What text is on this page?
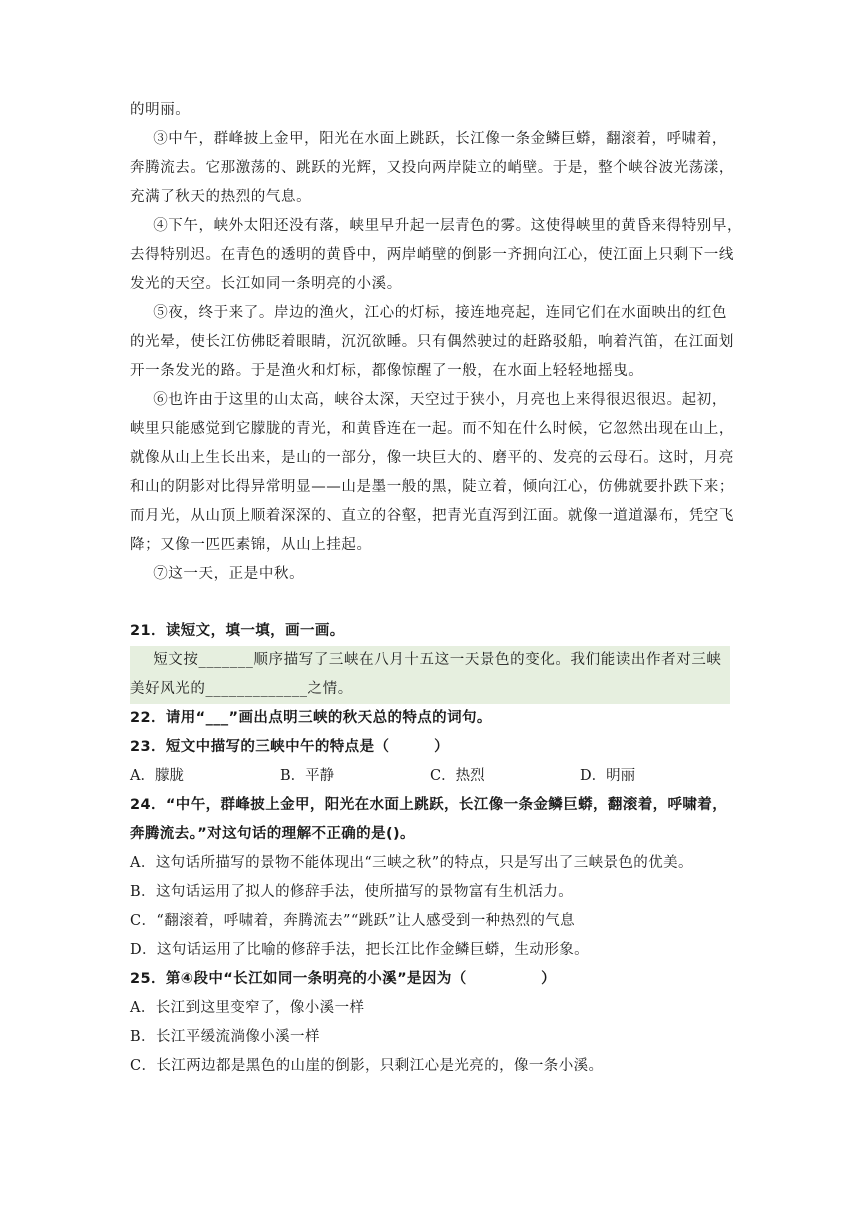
的明丽。
③中午，群峰披上金甲，阳光在水面上跳跃，长江像一条金鳞巨蟒，翻滚着，呼啸着，
奔腾流去。它那激荡的、跳跃的光辉，又投向两岸陡立的峭壁。于是，整个峡谷波光荡漾，
充满了秋天的热烈的气息。
④下午，峡外太阳还没有落，峡里早升起一层青色的雾。这使得峡里的黄昏来得特别早，
去得特别迟。在青色的透明的黄昏中，两岸峭壁的倒影一齐拥向江心，使江面上只剩下一线
发光的天空。长江如同一条明亮的小溪。
⑤夜，终于来了。岸边的渔火，江心的灯标，接连地亮起，连同它们在水面映出的红色
的光晕，使长江仿佛眨着眼睛，沉沉欲睡。只有偶然驶过的赶路驳船，响着汽笛，在江面划
开一条发光的路。于是渔火和灯标，都像惊醒了一般，在水面上轻轻地摇曳。
⑥也许由于这里的山太高，峡谷太深，天空过于狭小，月亮也上来得很迟很迟。起初，
峡里只能感觉到它朦胧的青光，和黄昏连在一起。而不知在什么时候，它忽然出现在山上，
就像从山上生长出来，是山的一部分，像一块巨大的、磨平的、发亮的云母石。这时，月亮
和山的阴影对比得异常明显——山是墨一般的黑，陡立着，倾向江心，仿佛就要扑跌下来；
而月光，从山顶上顺着深深的、直立的谷壑，把青光直泻到江面。就像一道道瀑布，凭空飞
降；又像一匹匹素锦，从山上挂起。
⑦这一天，正是中秋。
21．读短文，填一填，画一画。
短文按_______顺序描写了三峡在八月十五这一天景色的变化。我们能读出作者对三峡
美好风光的_____________之情。
22．请用“___”画出点明三峡的秋天总的特点的词句。
23．短文中描写的三峡中午的特点是（　　　）
A．朦胧	B．平静	C．热烈	D．明丽
24．“中午，群峰披上金甲，阳光在水面上跳跃，长江像一条金鳞巨蟒，翻滚着，呼啸着，
奔腾流去。”对这句话的理解不正确的是()。
A．这句话所描写的景物不能体现出“三峡之秋”的特点，只是写出了三峡景色的优美。
B．这句话运用了拟人的修辞手法，使所描写的景物富有生机活力。
C．“翻滚着，呼啸着，奔腾流去”“跳跃”让人感受到一种热烈的气息
D．这句话运用了比喻的修辞手法，把长江比作金鳞巨蟒，生动形象。
25．第④段中“长江如同一条明亮的小溪”是因为（　　　　　）
A．长江到这里变窄了，像小溪一样
B．长江平缓流淌像小溪一样
C．长江两边都是黑色的山崖的倒影，只剩江心是光亮的，像一条小溪。
